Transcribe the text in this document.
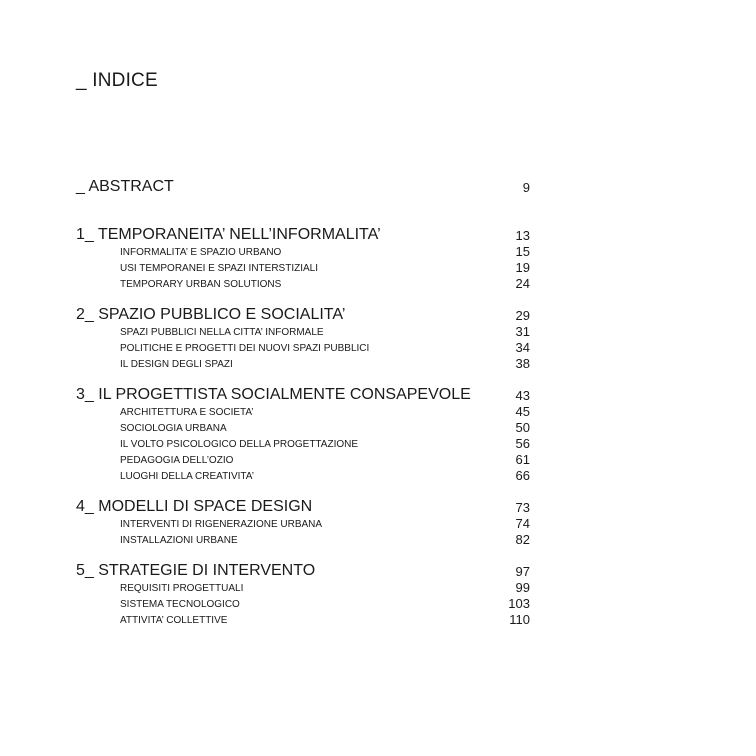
_ INDICE
_ ABSTRACT	9
1_ TEMPORANEITA’ NELL’INFORMALITA’	13
INFORMALITA’ E SPAZIO URBANO	15
USI TEMPORANEI E SPAZI INTERSTIZIALI	19
TEMPORARY URBAN SOLUTIONS	24
2_ SPAZIO PUBBLICO E SOCIALITA’	29
SPAZI PUBBLICI NELLA CITTA’ INFORMALE	31
POLITICHE E PROGETTI DEI NUOVI SPAZI PUBBLICI	34
IL DESIGN DEGLI SPAZI	38
3_ IL PROGETTISTA SOCIALMENTE CONSAPEVOLE	43
ARCHITETTURA E SOCIETA’	45
SOCIOLOGIA URBANA	50
IL VOLTO PSICOLOGICO DELLA PROGETTAZIONE	56
PEDAGOGIA DELL’OZIO	61
LUOGHI DELLA CREATIVITA’	66
4_ MODELLI DI SPACE DESIGN	73
INTERVENTI DI RIGENERAZIONE URBANA	74
INSTALLAZIONI URBANE	82
5_ STRATEGIE DI INTERVENTO	97
REQUISITI PROGETTUALI	99
SISTEMA TECNOLOGICO	103
ATTIVITA’ COLLETTIVE	110
